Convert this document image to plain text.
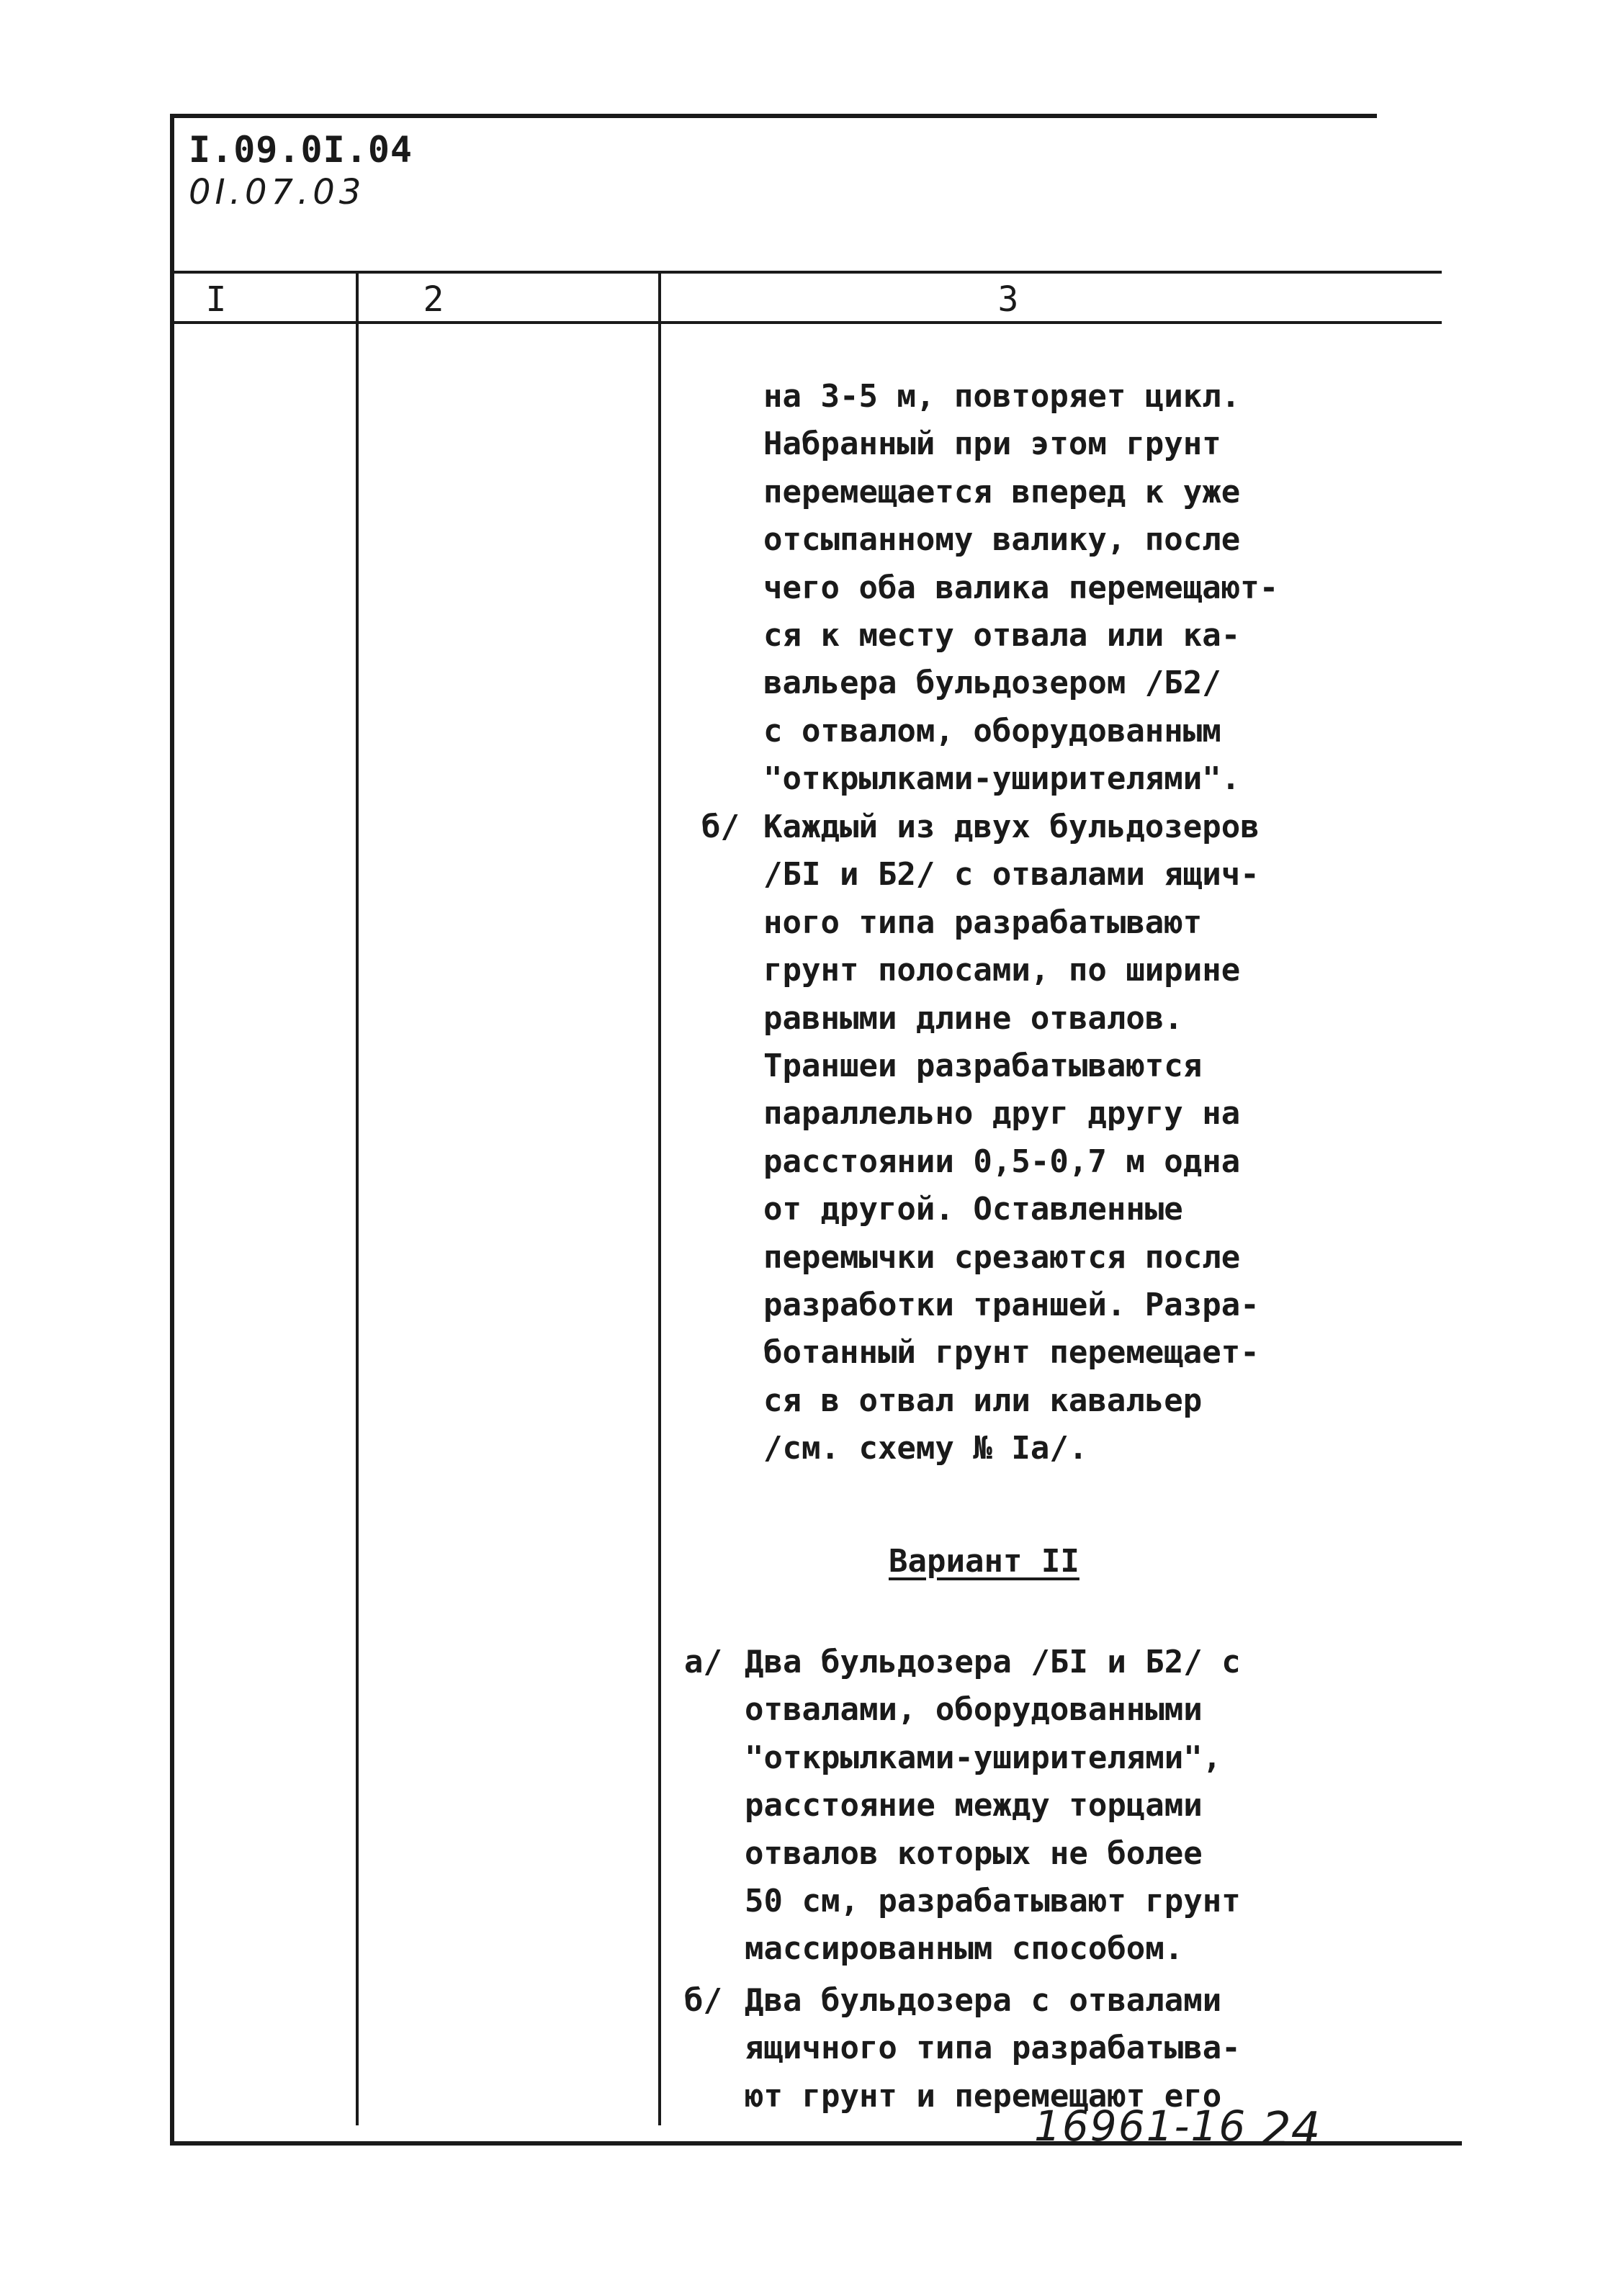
I.09.0I.04
0I.07.03
I	2	3
на 3-5 м, повторяет цикл.
Набранный при этом грунт
перемещается вперед к уже
отсыпанному валику, после
чего оба валика перемещают-
ся к месту отвала или ка-
вальера бульдозером /Б2/
с отвалом, оборудованным
"открылками-уширителями".
б/ Каждый из двух бульдозеров
/БI и Б2/ с отвалами ящич-
ного типа разрабатывают
грунт полосами, по ширине
равными длине отвалов.
Траншеи разрабатываются
параллельно друг другу на
расстоянии 0,5-0,7 м одна
от другой. Оставленные
перемычки срезаются после
разработки траншей. Разра-
ботанный грунт перемещает-
ся в отвал или кавальер
/см. схему № Iа/.
Вариант II
а/ Два бульдозера /БI и Б2/ с
отвалами, оборудованными
"открылками-уширителями",
расстояние между торцами
отвалов которых не более
50 см, разрабатывают грунт
массированным способом.
б/ Два бульдозера с отвалами
ящичного типа разрабатыва-
ют грунт и перемещают его
16961-16 24
